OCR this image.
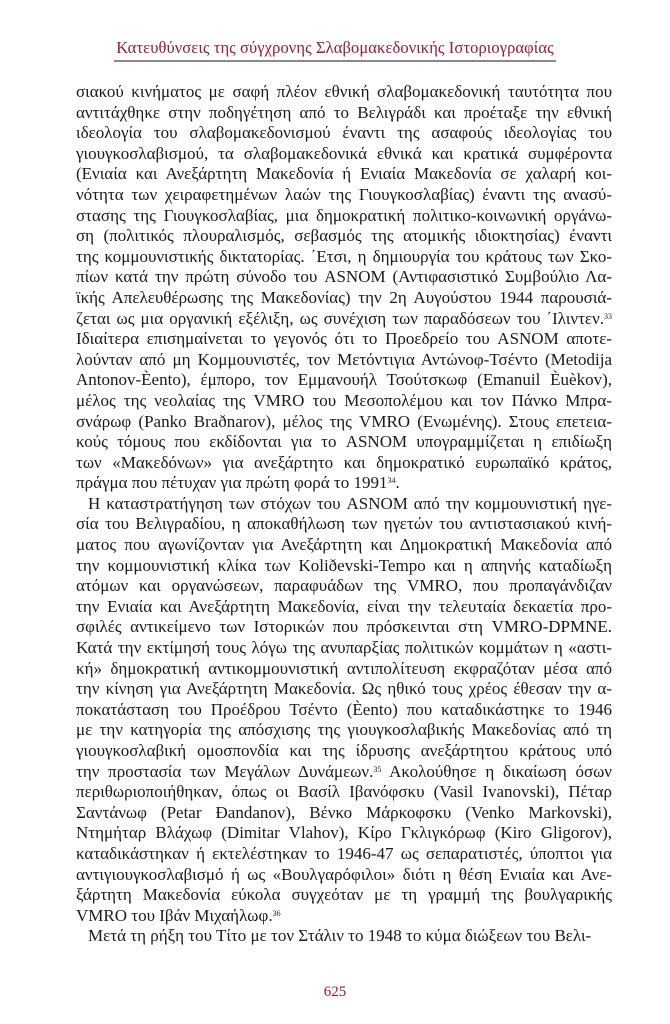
Κατευθύνσεις της σύγχρονης Σλαβομακεδονικής Ιστοριογραφίας
σιακού κινήματος με σαφή πλέον εθνική σλαβομακεδονική ταυτότητα που
αντιτάχθηκε στην ποδηγέτηση από το Βελιγράδι και προέταξε την εθνική
ιδεολογία του σλαβομακεδονισμού έναντι της ασαφούς ιδεολογίας του
γιουγκοσλαβισμού, τα σλαβομακεδονικά εθνικά και κρατικά συμφέροντα
(Ενιαία και Ανεξάρτητη Μακεδονία ή Ενιαία Μακεδονία σε χαλαρή κοι-
νότητα των χειραφετημένων λαών της Γιουγκοσλαβίας) έναντι της ανασύ-
στασης της Γιουγκοσλαβίας, μια δημοκρατική πολιτικο-κοινωνική οργάνω-
ση (πολιτικός πλουραλισμός, σεβασμός της ατομικής ιδιοκτησίας) έναντι
της κομμουνιστικής δικτατορίας. ΄Ετσι, η δημιουργία του κράτους των Σκο-
πίων κατά την πρώτη σύνοδο του ASNOM (Αντιφασιστικό Συμβούλιο Λα-
ϊκής Απελευθέρωσης της Μακεδονίας) την 2η Αυγούστου 1944 παρουσιά-
ζεται ως μια οργανική εξέλιξη, ως συνέχιση των παραδόσεων του ΄Ιλιντεν.$^{33}$
Ιδιαίτερα επισημαίνεται το γεγονός ότι το Προεδρείο του ASNOM αποτε-
λούνταν από μη Κομμουνιστές, τον Μετόντιγια Αντώνοφ-Τσέντο (Metodija
Antonov-Èento), έμπορο, τον Εμμανουήλ Τσούτσκωφ (Emanuil Èuèkov),
μέλος της νεολαίας της VMRO του Μεσοπολέμου και τον Πάνκο Μπρα-
σνάρωφ (Panko Braðnarov), μέλος της VMRO (Ενωμένης). Στους επετεια-
κούς τόμους που εκδίδονται για το ASNOM υπογραμμίζεται η επιδίωξη
των «Μακεδόνων» για ανεξάρτητο και δημοκρατικό ευρωπαϊκό κράτος,
πράγμα που πέτυχαν για πρώτη φορά το 1991$^{34}$.
Η καταστρατήγηση των στόχων του ASNOM από την κομμουνιστική ηγε-
σία του Βελιγραδίου, η αποκαθήλωση των ηγετών του αντιστασιακού κινή-
ματος που αγωνίζονταν για Ανεξάρτητη και Δημοκρατική Μακεδονία από
την κομμουνιστική κλίκα των Koliðevski-Tempo και η απηνής καταδίωξη
ατόμων και οργανώσεων, παραφυάδων της VMRO, που προπαγάνδιζαν
την Ενιαία και Ανεξάρτητη Μακεδονία, είναι την τελευταία δεκαετία προ-
σφιλές αντικείμενο των Ιστορικών που πρόσκεινται στη VMRO-DPMNE.
Κατά την εκτίμησή τους λόγω της ανυπαρξίας πολιτικών κομμάτων η «αστι-
κή» δημοκρατική αντικομμουνιστική αντιπολίτευση εκφραζόταν μέσα από
την κίνηση για Ανεξάρτητη Μακεδονία. Ως ηθικό τους χρέος έθεσαν την α-
ποκατάσταση του Προέδρου Τσέντο (Èento) που καταδικάστηκε το 1946
με την κατηγορία της απόσχισης της γιουγκοσλαβικής Μακεδονίας από τη
γιουγκοσλαβική ομοσπονδία και της ίδρυσης ανεξάρτητου κράτους υπό
την προστασία των Μεγάλων Δυνάμεων.$^{35}$ Ακολούθησε η δικαίωση όσων
περιθωριοποιήθηκαν, όπως οι Βασίλ Ιβανόφσκυ (Vasil Ivanovski), Πέταρ
Σαντάνωφ (Petar Ðandanov), Βένκο Μάρκοφσκυ (Venko Markovski),
Ντημήταρ Βλάχωφ (Dimitar Vlahov), Κίρο Γκλιγκόρωφ (Kiro Gligorov),
καταδικάστηκαν ή εκτελέστηκαν το 1946-47 ως σεπαρατιστές, ύποπτοι για
αντιγιουγκοσλαβισμό ή ως «Βουλγαρόφιλοι» διότι η θέση Ενιαία και Ανε-
ξάρτητη Μακεδονία εύκολα συγχεόταν με τη γραμμή της βουλγαρικής
VMRO του Ιβάν Μιχαήλωφ.$^{36}$
Μετά τη ρήξη του Τίτο με τον Στάλιν το 1948 το κύμα διώξεων του Βελι-
625
